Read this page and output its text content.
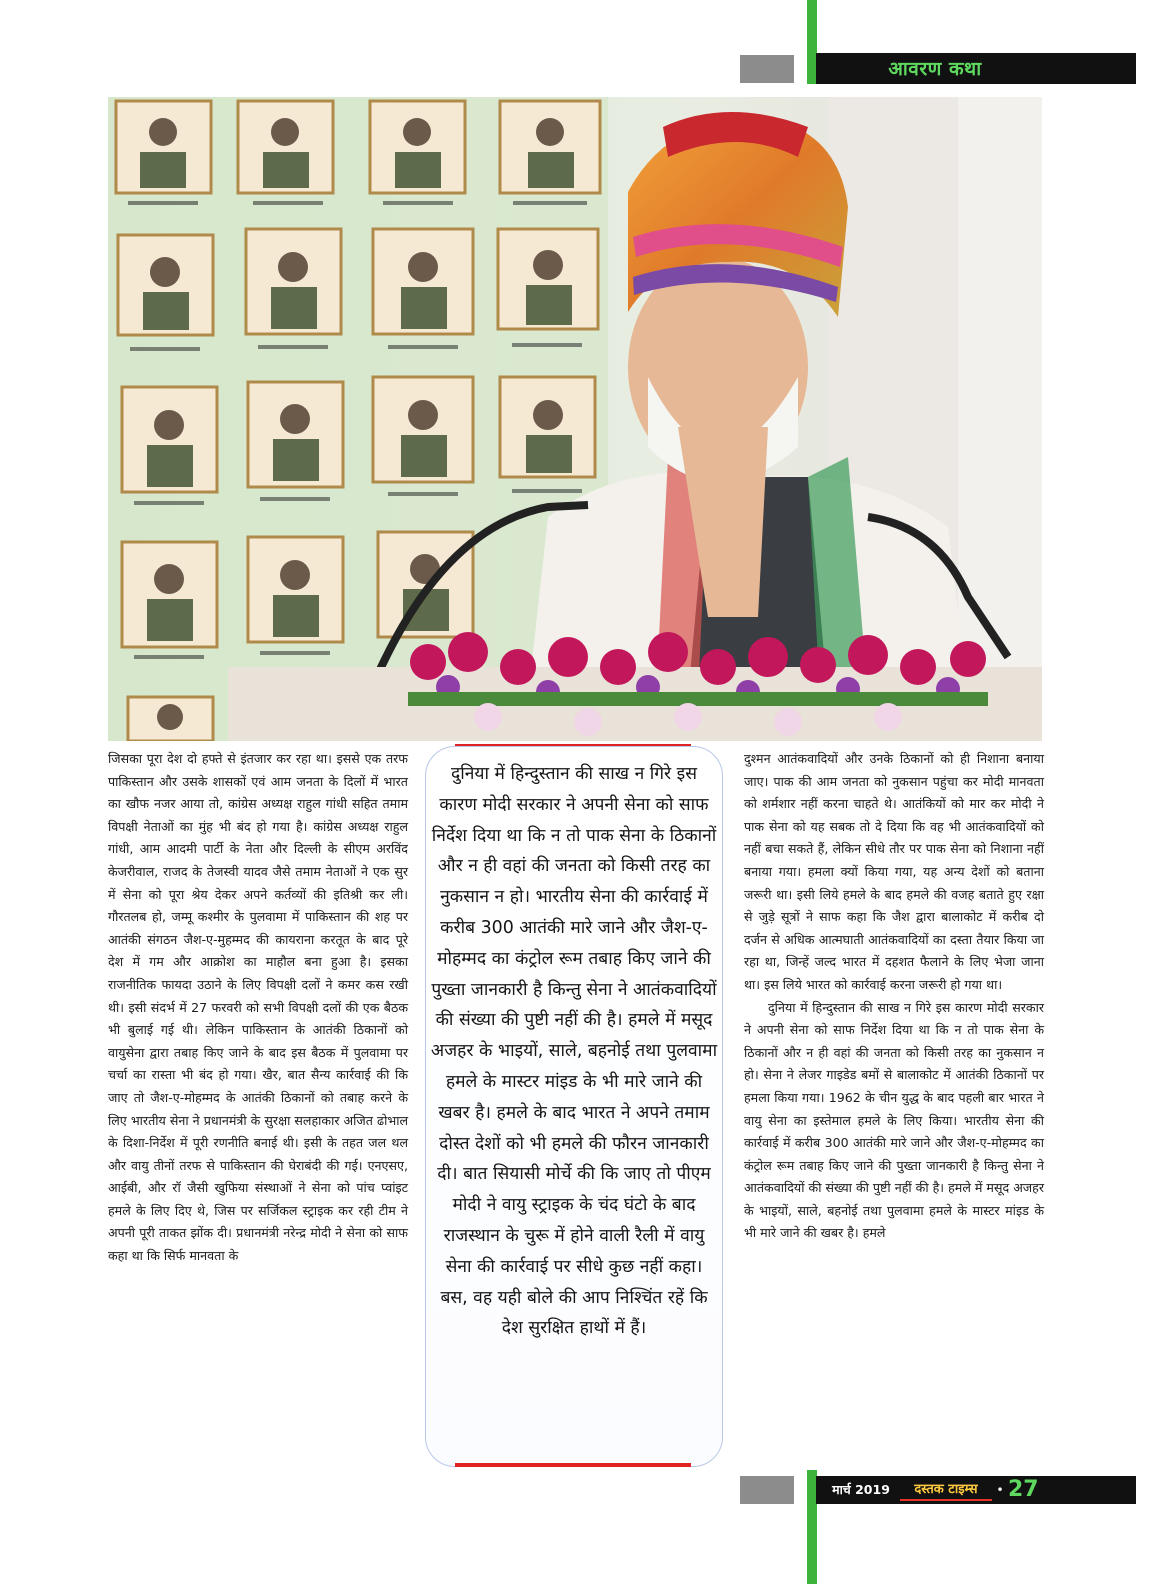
आवरण कथा

जिसका पूरा देश दो हफ्ते से इंतजार कर रहा था। इससे एक तरफ पाकिस्तान और उसके शासकों एवं आम जनता के दिलों में भारत का खौफ नजर आया तो, कांग्रेस अध्यक्ष राहुल गांधी सहित तमाम विपक्षी नेताओं का मुंह भी बंद हो गया है। कांग्रेस अध्यक्ष राहुल गांधी, आम आदमी पार्टी के नेता और दिल्ली के सीएम अरविंद केजरीवाल, राजद के तेजस्वी यादव जैसे तमाम नेताओं ने एक सुर में सेना को पूरा श्रेय देकर अपने कर्तव्यों की इतिश्री कर ली। गौरतलब हो, जम्मू कश्मीर के पुलवामा में पाकिस्तान की शह पर आतंकी संगठन जैश-ए-मुहम्मद की कायराना करतूत के बाद पूरे देश में गम और आक्रोश का माहौल बना हुआ है। इसका राजनीतिक फायदा उठाने के लिए विपक्षी दलों ने कमर कस रखी थी। इसी संदर्भ में 27 फरवरी को सभी विपक्षी दलों की एक बैठक भी बुलाई गई थी। लेकिन पाकिस्तान के आतंकी ठिकानों को वायुसेना द्वारा तबाह किए जाने के बाद इस बैठक में पुलवामा पर चर्चा का रास्ता भी बंद हो गया। खैर, बात सैन्य कार्रवाई की कि जाए तो जैश-ए-मोहम्मद के आतंकी ठिकानों को तबाह करने के लिए भारतीय सेना ने प्रधानमंत्री के सुरक्षा सलहाकार अजित ढोभाल के दिशा-निर्देश में पूरी रणनीति बनाई थी। इसी के तहत जल थल और वायु तीनों तरफ से पाकिस्तान की घेराबंदी की गई। एनएसए, आईबी, और रॉ जैसी खुफिया संस्थाओं ने सेना को पांच प्वांइट हमले के लिए दिए थे, जिस पर सर्जिकल स्ट्राइक कर रही टीम ने अपनी पूरी ताकत झोंक दी। प्रधानमंत्री नरेन्द्र मोदी ने सेना को साफ कहा था कि सिर्फ मानवता के

दुनिया में हिन्दुस्तान की साख न गिरे इस कारण मोदी सरकार ने अपनी सेना को साफ निर्देश दिया था कि न तो पाक सेना के ठिकानों और न ही वहां की जनता को किसी तरह का नुकसान न हो। भारतीय सेना की कार्रवाई में करीब 300 आतंकी मारे जाने और जैश-ए-मोहम्मद का कंट्रोल रूम तबाह किए जाने की पुख्ता जानकारी है किन्तु सेना ने आतंकवादियों की संख्या की पुष्टी नहीं की है। हमले में मसूद अजहर के भाइयों, साले, बहनोई तथा पुलवामा हमले के मास्टर मांइड के भी मारे जाने की खबर है। हमले के बाद भारत ने अपने तमाम दोस्त देशों को भी हमले की फौरन जानकारी दी। बात सियासी मोर्चे की कि जाए तो पीएम मोदी ने वायु स्ट्राइक के चंद घंटो के बाद राजस्थान के चुरू में होने वाली रैली में वायु सेना की कार्रवाई पर सीधे कुछ नहीं कहा। बस, वह यही बोले की आप निश्चिंत रहें कि देश सुरक्षित हाथों में हैं।

दुश्मन आतंकवादियों और उनके ठिकानों को ही निशाना बनाया जाए। पाक की आम जनता को नुकसान पहुंचा कर मोदी मानवता को शर्मशार नहीं करना चाहते थे। आतंकियों को मार कर मोदी ने पाक सेना को यह सबक तो दे दिया कि वह भी आतंकवादियों को नहीं बचा सकते हैं, लेकिन सीधे तौर पर पाक सेना को निशाना नहीं बनाया गया। हमला क्यों किया गया, यह अन्य देशों को बताना जरूरी था। इसी लिये हमले के बाद हमले की वजह बताते हुए रक्षा से जुड़े सूत्रों ने साफ कहा कि जैश द्वारा बालाकोट में करीब दो दर्जन से अधिक आत्मघाती आतंकवादियों का दस्ता तैयार किया जा रहा था, जिन्हें जल्द भारत में दहशत फैलाने के लिए भेजा जाना था। इस लिये भारत को कार्रवाई करना जरूरी हो गया था।

दुनिया में हिन्दुस्तान की साख न गिरे इस कारण मोदी सरकार ने अपनी सेना को साफ निर्देश दिया था कि न तो पाक सेना के ठिकानों और न ही वहां की जनता को किसी तरह का नुकसान न हो। सेना ने लेजर गाइडेड बमों से बालाकोट में आतंकी ठिकानों पर हमला किया गया। 1962 के चीन युद्ध के बाद पहली बार भारत ने वायु सेना का इस्तेमाल हमले के लिए किया। भारतीय सेना की कार्रवाई में करीब 300 आतंकी मारे जाने और जैश-ए-मोहम्मद का कंट्रोल रूम तबाह किए जाने की पुख्ता जानकारी है किन्तु सेना ने आतंकवादियों की संख्या की पुष्टी नहीं की है। हमले में मसूद अजहर के भाइयों, साले, बहनोई तथा पुलवामा हमले के मास्टर मांइड के भी मारे जाने की खबर है। हमले

मार्च 2019	दस्तक टाइम्स	• 27
